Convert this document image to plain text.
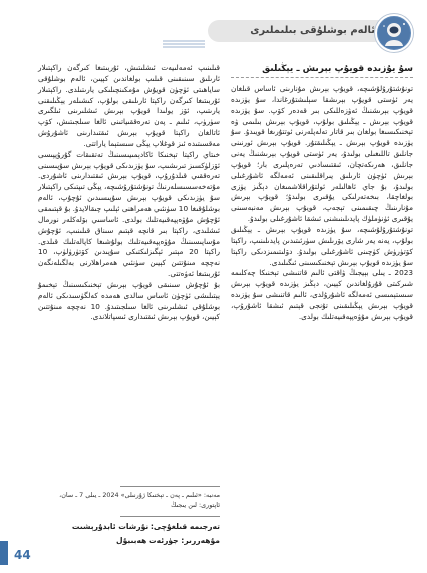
ئالەم بوشلۇقى بىلىملىرى
سۇ يۇزىدە قويۇپ بېرىش ـ يېڭىلىق

تونۇشتۇرۇلۇشىچە، قويۇپ بېرىش مۇنارىنى ئاساس قىلغان يەر ئۈستى قويۇپ بېرىشقا سېلىشتۇرغاندا، سۇ يۈزىدە قويۇپ بېرىشنىڭ ئەۋزەللىكى بىر قەدەر كۆپ. سۇ يۈزىدە قويۇپ بېرىش ـ يېڭىلىق بولۇپ، قويۇپ بېرىش بىلىمى ۋە تېخنىكىسىغا بولغان بىر قاتار تەلەپلەرنى ئوتتۇرىغا قويىدۇ. سۇ يۈزىدە قويۇپ بېرىش ـ يېڭىلىقتۇر. قويۇپ بېرىش ئورنىنى جانلىق تاللىغىلى بولىدۇ، يەر ئۈستى قويۇپ بېرىشنىڭ يەنى جانلىق، ھەرىكەتچان، ئىقتىسادىي تەرەپلىرى بار؛ قويۇپ بېرىش ئۈچۈن ئارىلىق يىراقلىقىنى ئەمەلگە ئاشۇرغىلى بولىدۇ، بۇ جاي ئاھالىلەر ئولتۇراقلاشمىغان دېڭىز يۈزى بولغاچقا، بىخەتەرلىكى يۇقىرى بولىدۇ؛ قويۇپ بېرىش مۇنارىنىڭ چىقىمىنى تېجەپ، قويۇپ بېرىش مەنبەسىنى يۇقىرى ئۈنۈملۈك پايدىلىنىشنى ئىشقا ئاشۇرغىلى بولىدۇ.

تونۇشتۇرۇلۇشىچە، سۇ يۈزىدە قويۇپ بېرىش ـ يېڭىلىق بولۇپ، يەنە يەر شارى يۆرىلىش سۈرئىتىدىن پايدىلىنىپ، راكېتا كۆتۈرۈش كۈچىنى ئاشۇرغىلى بولىدۇ. دۆلىتىمىزدىكى راكېتا سۇ يۈزىدە قويۇپ بېرىش تېخنىكىسىنى ئىگىلىدى.

2023 ـ يىلى بېيجىڭ ۋاقتى ئالىم قاتنىشى تېخنىكا چەكلىمە شىركىتى قۇرۇلغاندىن كېيىن، دېڭىز يۈزىدە قويۇپ بېرىش سىستېمىسى ئەمەلگە ئاشۇرۇلدى، ئالىم قاتنىشى سۇ يۈزىدە قويۇپ بېرىش يېڭىلىقىنى تۇنجى قېتىم ئىشقا ئاشۇرۇپ، قويۇپ بېرىش مۇۋەپپەقىيەتلىك بولدى.

قىلىنىپ ئەمەلىيەت ئىشلىتىش، ئۇربىتىغا كىرگەن راكېتىلار ئارىلىق سىنىقىنى قىلىپ بولغاندىن كېيىن، ئالەم بوشلۇقى ساياھىتى ئۈچۈن قويۇش مۇمكىنچىلىكى يارىتىلدى. راكېتىلار ئۇربىتىغا كىرگەن راكېتا ئارىلىقى بولۇپ، كىشىلەر يېڭىلىقنى يارىتىپ، ئۆز يولىدا قويۇپ بېرىش ئىشلىرىنى ئىلگىرى سۈرۈپ، ئىلىم ـ پەن تەرەققىياتىنى ئالغا سىلجىتىش، كۆپ ئاتالغان راكېتا قويۇپ بېرىش ئىقتىدارىنى ئاشۇرۇش مەقسىتىدە ئىز قوغلاپ يېڭى سىستېما ياراتتى.

خىتاي راكېتا تېخنىكا ئاكادېمىيىسىنىڭ تەتقىقات گۇرۇپپىسى ئۆزلۈكسىز تىرىشىپ، سۇ يۈزىدىكى قويۇپ بېرىش سۇپىسىنى تەرەققىي قىلدۇرۇپ، قويۇپ بېرىش ئىقتىدارىنى ئاشۇردى. مۇتەخەسسىسلەرنىڭ تونۇشتۇرۇشىچە، يېڭى تىپتىكى راكېتىلار سۇ يۈزىدىكى قويۇپ بېرىش سۇپىسىدىن ئۇچۇپ، ئالەم بوشلۇقىغا 10 سۈنئىي ھەمراھنى ئېلىپ چىقالايدۇ. بۇ قېتىمقى ئۇچۇش مۇۋەپپەقىيەتلىك بولدى. ئاساسىي بۆلەكلەر نورمال ئىشلىدى، راكېتا بىر قانچە قېتىم سىناق قىلىنىپ، ئۇچۇش مۇساپىسىنىڭ مۇۋەپپەقىيەتلىك بولۇشىغا كاپالەتلىك قىلدى. راكېتا 20 مېتىر ئېگىزلىكتىكى سۇپىدىن كۆتۈرۈلۈپ، 10 نەچچە مىنۇتتىن كېيىن سۈنئىي ھەمراھلارنى بەلگىلەنگەن ئۇربىتىغا ئەۋەتتى.

بۇ ئۇچۇش سىنىقى قويۇپ بېرىش تېخنىكىسىنىڭ تېخىمۇ يېتىلىشى ئۈچۈن ئاساس سالدى ھەمدە كەلگۈسىدىكى ئالەم بوشلۇقى ئىشلىرىنى ئالغا سىلجىتىدۇ. 10 نەچچە مىنۇتتىن كېيىن، قويۇپ بېرىش ئىقتىدارى ئىسپاتلاندى.

مەنبە: «ئىلىم ـ پەن ـ تېخنىكا ژۇرنىلى» 2024 ـ يىلى 7 ـ سان، ئاپتورى: لىن يىجىڭ
تەرجىمە قىلغۇچى: نۇرشات ئابدۇرېشىت
مۇھەررىر: جۈرئەت ھەبىبۇل
44
